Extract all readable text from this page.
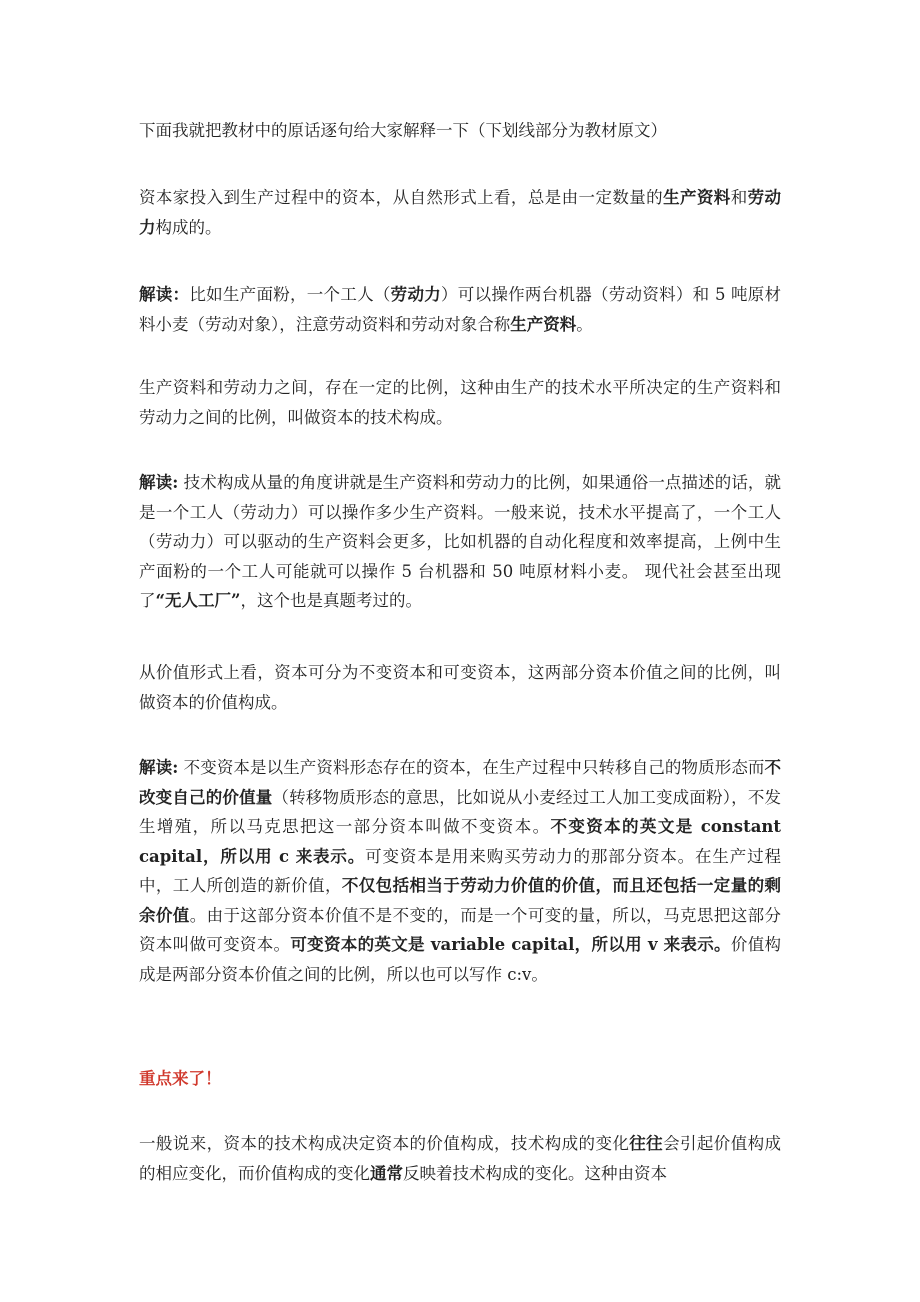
下面我就把教材中的原话逐句给大家解释一下（下划线部分为教材原文）

资本家投入到生产过程中的资本，从自然形式上看，总是由一定数量的生产资料和劳动力构成的。

解读：比如生产面粉，一个工人（劳动力）可以操作两台机器（劳动资料）和 5 吨原材料小麦（劳动对象），注意劳动资料和劳动对象合称生产资料。

生产资料和劳动力之间，存在一定的比例，这种由生产的技术水平所决定的生产资料和劳动力之间的比例，叫做资本的技术构成。

解读: 技术构成从量的角度讲就是生产资料和劳动力的比例，如果通俗一点描述的话，就是一个工人（劳动力）可以操作多少生产资料。一般来说，技术水平提高了，一个工人（劳动力）可以驱动的生产资料会更多，比如机器的自动化程度和效率提高，上例中生产面粉的一个工人可能就可以操作 5 台机器和 50 吨原材料小麦。 现代社会甚至出现了“无人工厂”，这个也是真题考过的。

从价值形式上看，资本可分为不变资本和可变资本，这两部分资本价值之间的比例，叫做资本的价值构成。

解读: 不变资本是以生产资料形态存在的资本，在生产过程中只转移自己的物质形态而不改变自己的价值量（转移物质形态的意思，比如说从小麦经过工人加工变成面粉），不发生增殖，所以马克思把这一部分资本叫做不变资本。不变资本的英文是 constant capital，所以用 c 来表示。可变资本是用来购买劳动力的那部分资本。在生产过程中，工人所创造的新价值，不仅包括相当于劳动力价值的价值，而且还包括一定量的剩余价值。由于这部分资本价值不是不变的，而是一个可变的量，所以，马克思把这部分资本叫做可变资本。可变资本的英文是 variable capital，所以用 v 来表示。价值构成是两部分资本价值之间的比例，所以也可以写作 c:v。

重点来了！

一般说来，资本的技术构成决定资本的价值构成，技术构成的变化往往会引起价值构成的相应变化，而价值构成的变化通常反映着技术构成的变化。这种由资本
